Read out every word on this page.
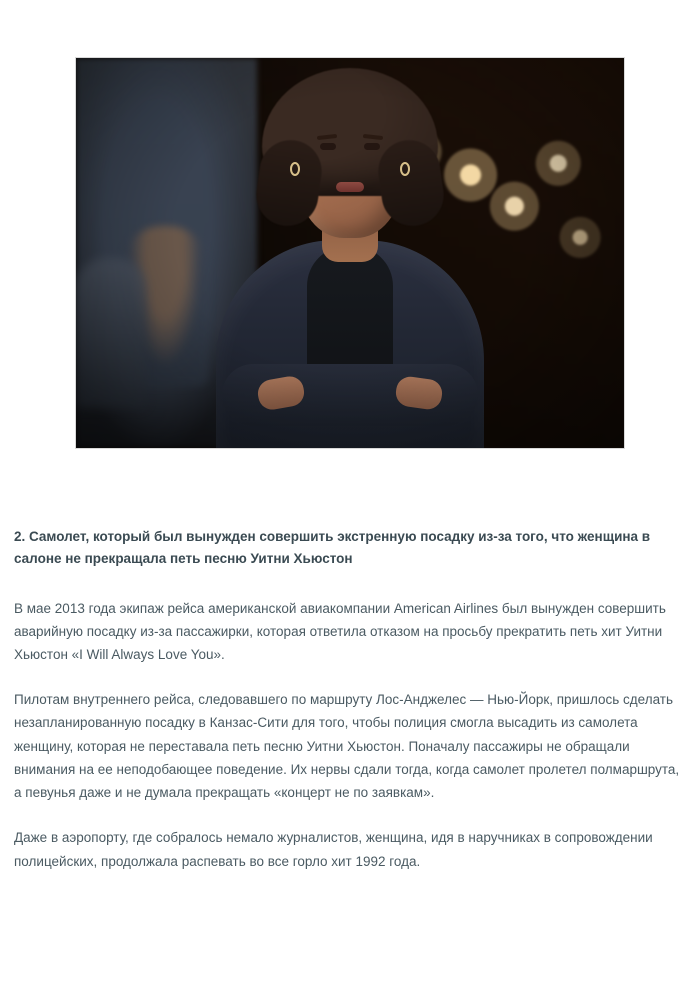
2. Самолет, который был вынужден совершить экстренную посадку из-за того, что женщина в салоне не прекращала петь песню Уитни Хьюстон

В мае 2013 года экипаж рейса американской авиакомпании American Airlines был вынужден совершить аварийную посадку из-за пассажирки, которая ответила отказом на просьбу прекратить петь хит Уитни Хьюстон «I Will Always Love You».

Пилотам внутреннего рейса, следовавшего по маршруту Лос-Анджелес — Нью-Йорк, пришлось сделать незапланированную посадку в Канзас-Сити для того, чтобы полиция смогла высадить из самолета женщину, которая не переставала петь песню Уитни Хьюстон. Поначалу пассажиры не обращали внимания на ее неподобающее поведение. Их нервы сдали тогда, когда самолет пролетел полмаршрута, а певунья даже и не думала прекращать «концерт не по заявкам».

Даже в аэропорту, где собралось немало журналистов, женщина, идя в наручниках в сопровождении полицейских, продолжала распевать во все горло хит 1992 года.
